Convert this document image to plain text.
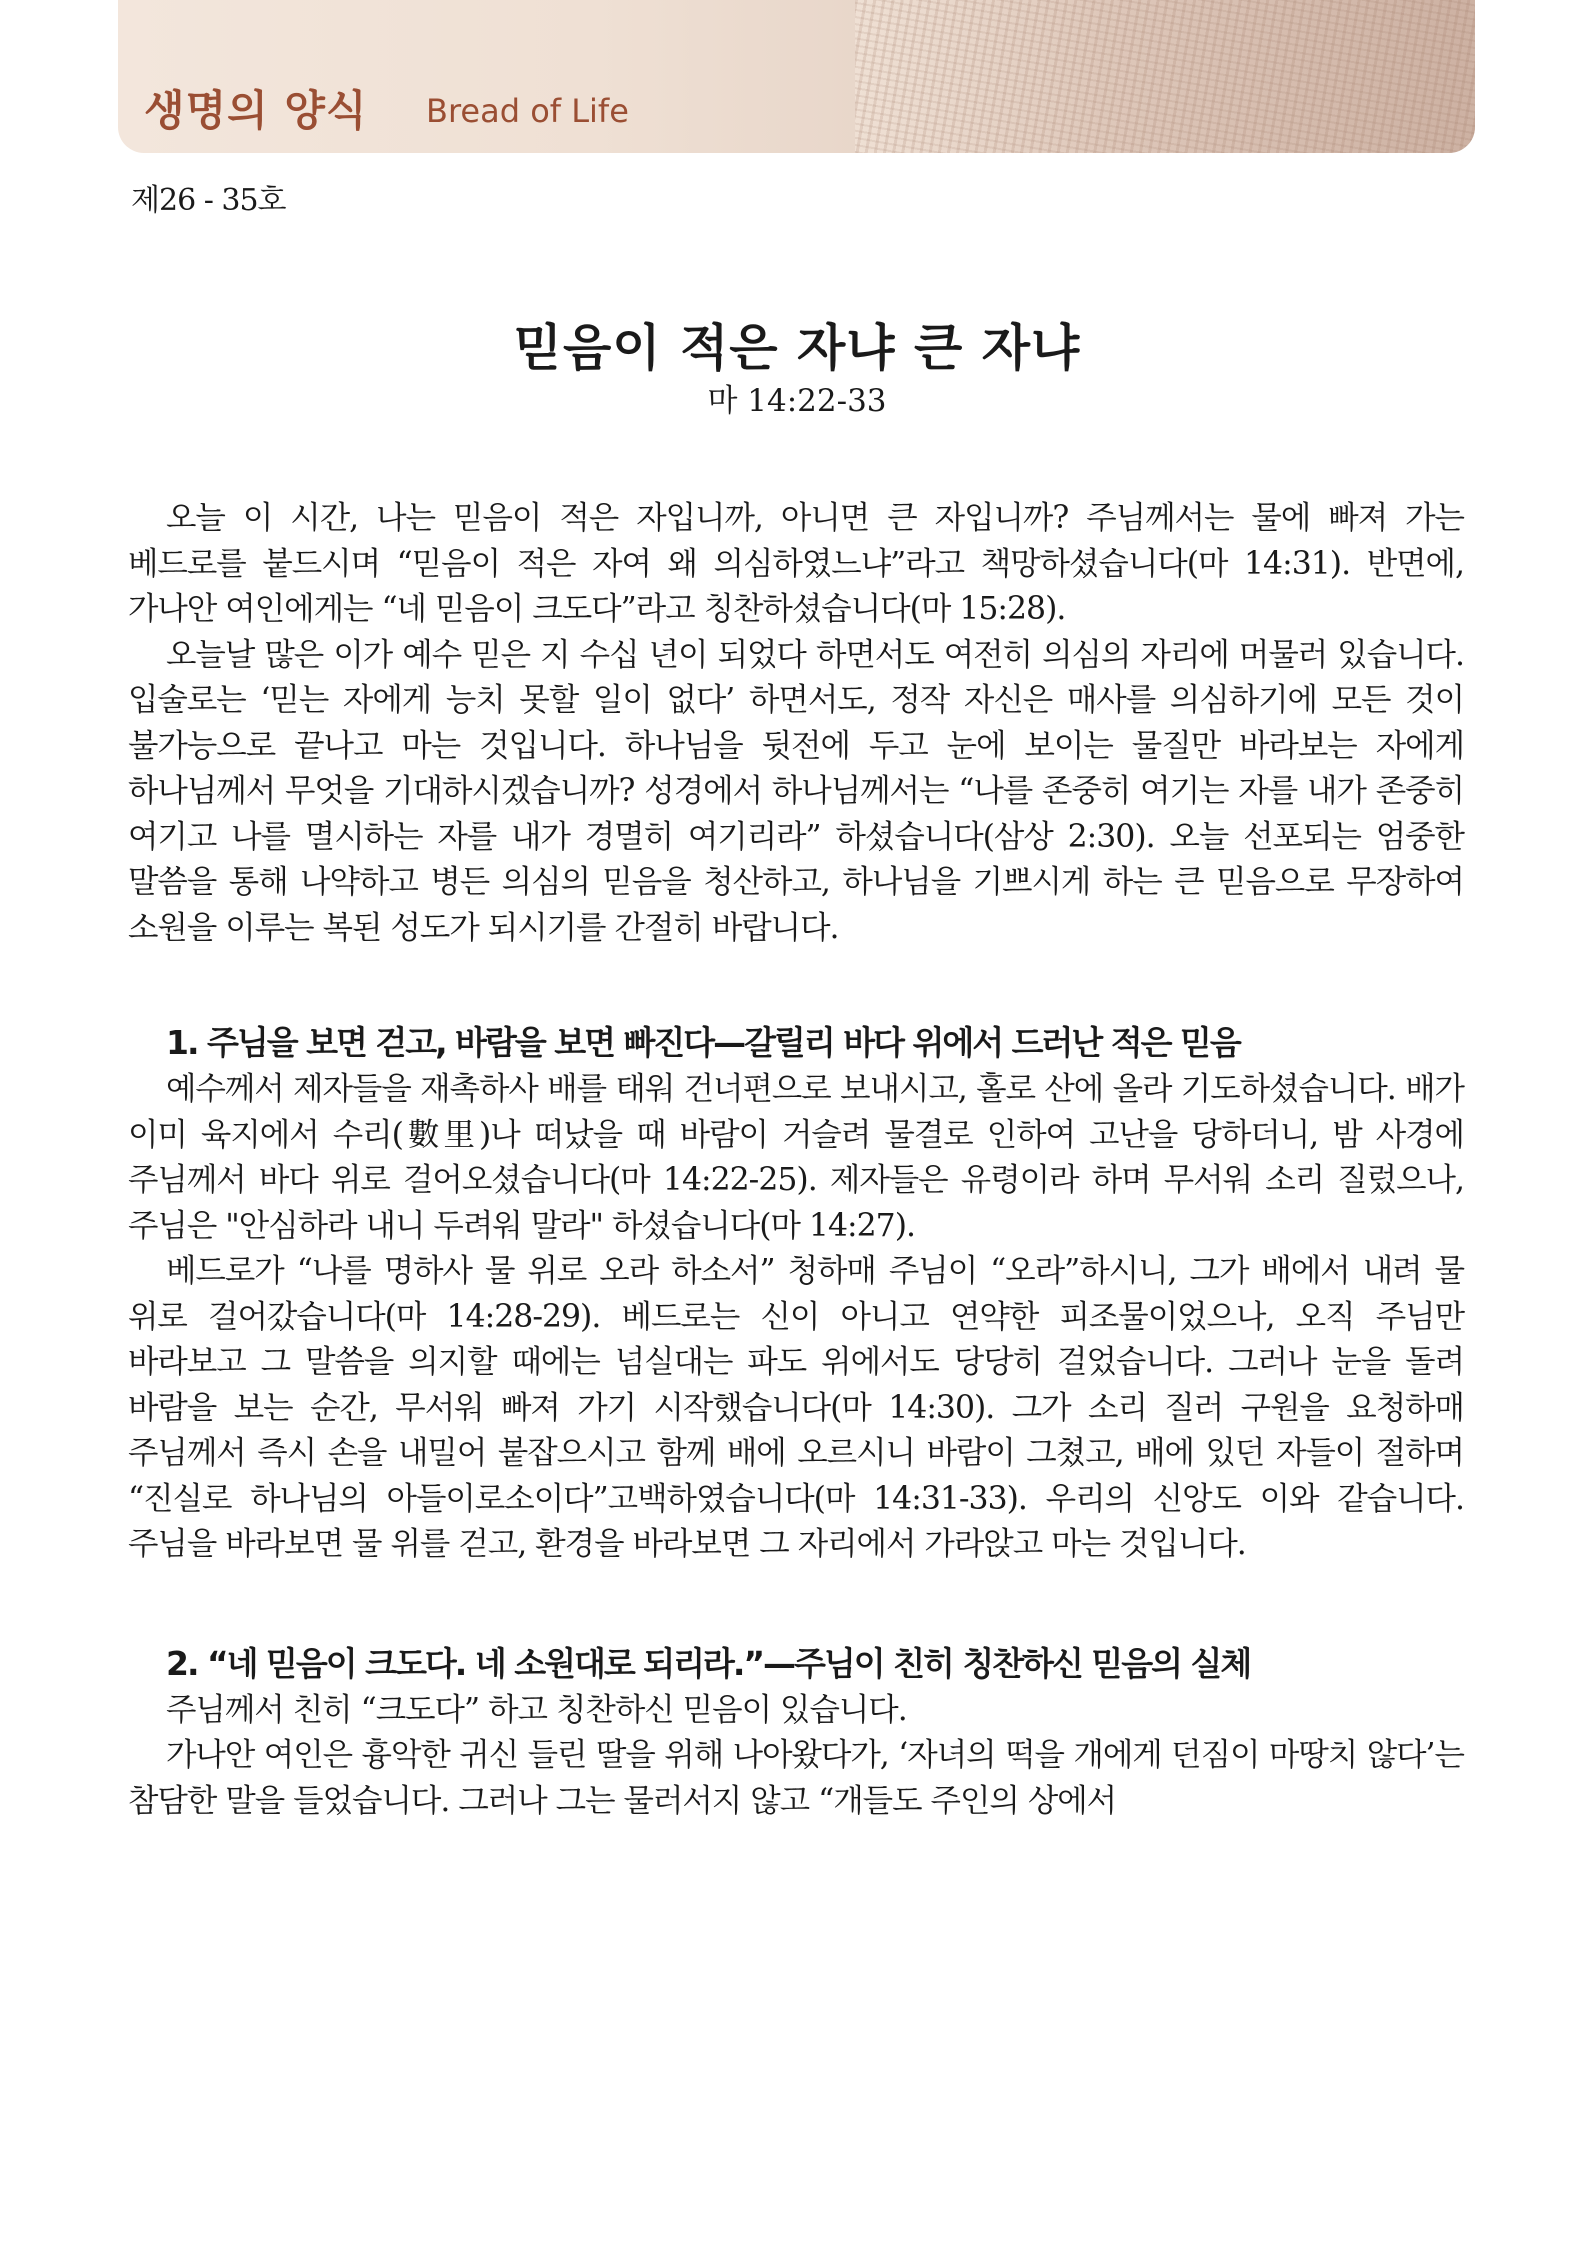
생명의 양식 Bread of Life

제26 - 35호

믿음이 적은 자냐 큰 자냐

마 14:22-33

오늘 이 시간, 나는 믿음이 적은 자입니까, 아니면 큰 자입니까? 주님께서는 물에 빠져 가는 베드로를 붙드시며 “믿음이 적은 자여 왜 의심하였느냐”라고 책망하셨습니다(마 14:31). 반면에, 가나안 여인에게는 “네 믿음이 크도다”라고 칭찬하셨습니다(마 15:28).

오늘날 많은 이가 예수 믿은 지 수십 년이 되었다 하면서도 여전히 의심의 자리에 머물러 있습니다. 입술로는 ‘믿는 자에게 능치 못할 일이 없다’ 하면서도, 정작 자신은 매사를 의심하기에 모든 것이 불가능으로 끝나고 마는 것입니다. 하나님을 뒷전에 두고 눈에 보이는 물질만 바라보는 자에게 하나님께서 무엇을 기대하시겠습니까? 성경에서 하나님께서는 “나를 존중히 여기는 자를 내가 존중히 여기고 나를 멸시하는 자를 내가 경멸히 여기리라” 하셨습니다(삼상 2:30). 오늘 선포되는 엄중한 말씀을 통해 나약하고 병든 의심의 믿음을 청산하고, 하나님을 기쁘시게 하는 큰 믿음으로 무장하여 소원을 이루는 복된 성도가 되시기를 간절히 바랍니다.

1. 주님을 보면 걷고, 바람을 보면 빠진다—갈릴리 바다 위에서 드러난 적은 믿음

예수께서 제자들을 재촉하사 배를 태워 건너편으로 보내시고, 홀로 산에 올라 기도하셨습니다. 배가 이미 육지에서 수리(數里)나 떠났을 때 바람이 거슬려 물결로 인하여 고난을 당하더니, 밤 사경에 주님께서 바다 위로 걸어오셨습니다(마 14:22-25). 제자들은 유령이라 하며 무서워 소리 질렀으나, 주님은 "안심하라 내니 두려워 말라" 하셨습니다(마 14:27).

베드로가 “나를 명하사 물 위로 오라 하소서” 청하매 주님이 “오라”하시니, 그가 배에서 내려 물 위로 걸어갔습니다(마 14:28-29). 베드로는 신이 아니고 연약한 피조물이었으나, 오직 주님만 바라보고 그 말씀을 의지할 때에는 넘실대는 파도 위에서도 당당히 걸었습니다. 그러나 눈을 돌려 바람을 보는 순간, 무서워 빠져 가기 시작했습니다(마 14:30). 그가 소리 질러 구원을 요청하매 주님께서 즉시 손을 내밀어 붙잡으시고 함께 배에 오르시니 바람이 그쳤고, 배에 있던 자들이 절하며 “진실로 하나님의 아들이로소이다”고백하였습니다(마 14:31-33). 우리의 신앙도 이와 같습니다. 주님을 바라보면 물 위를 걷고, 환경을 바라보면 그 자리에서 가라앉고 마는 것입니다.

2. “네 믿음이 크도다. 네 소원대로 되리라.”—주님이 친히 칭찬하신 믿음의 실체

주님께서 친히 “크도다” 하고 칭찬하신 믿음이 있습니다.

가나안 여인은 흉악한 귀신 들린 딸을 위해 나아왔다가, ‘자녀의 떡을 개에게 던짐이 마땅치 않다’는 참담한 말을 들었습니다. 그러나 그는 물러서지 않고 “개들도 주인의 상에서
